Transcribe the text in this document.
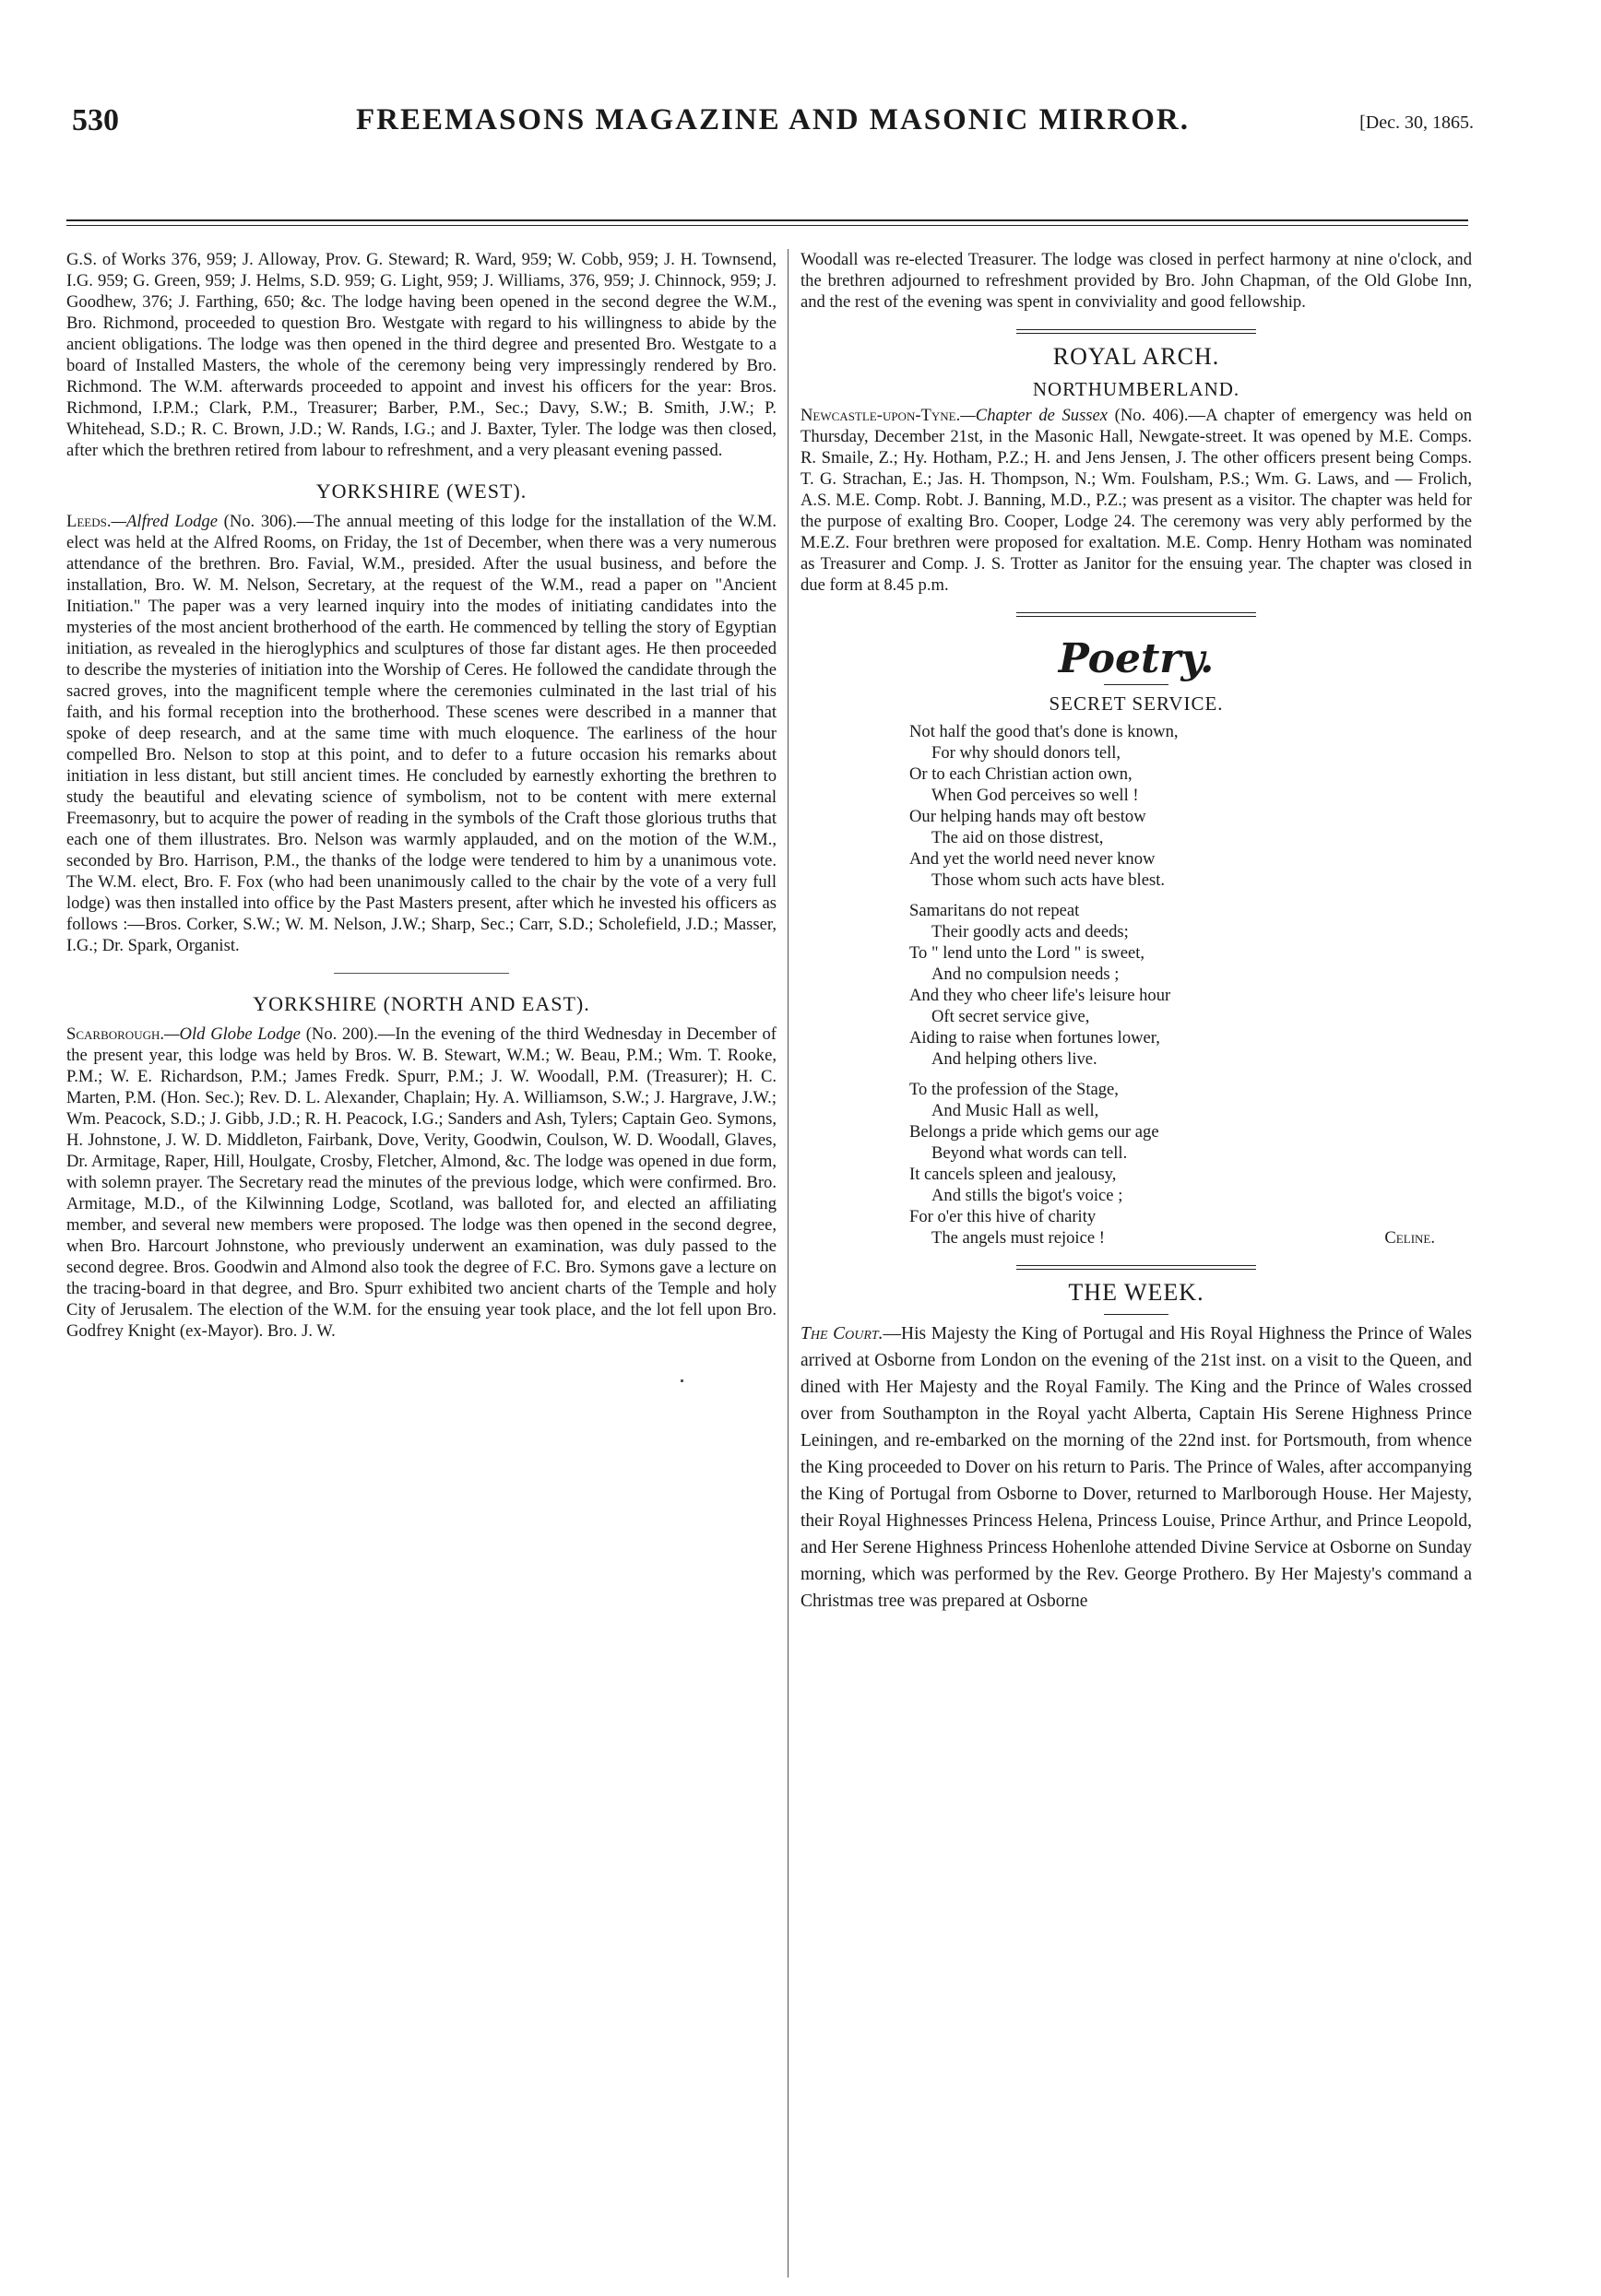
530	FREEMASONS MAGAZINE AND MASONIC MIRROR.	[Dec. 30, 1865.

G.S. of Works 376, 959; J. Alloway, Prov. G. Steward; R. Ward, 959; W. Cobb, 959; J. H. Townsend, I.G. 959; G. Green, 959; J. Helms, S.D. 959; G. Light, 959; J. Williams, 376, 959; J. Chinnock, 959; J. Goodhew, 376; J. Farthing, 650; &c. The lodge having been opened in the second degree the W.M., Bro. Richmond, proceeded to question Bro. Westgate with regard to his willingness to abide by the ancient obligations. The lodge was then opened in the third degree and presented Bro. Westgate to a board of Installed Masters, the whole of the ceremony being very impressingly rendered by Bro. Richmond. The W.M. afterwards proceeded to appoint and invest his officers for the year: Bros. Richmond, I.P.M.; Clark, P.M., Treasurer; Barber, P.M., Sec.; Davy, S.W.; B. Smith, J.W.; P. Whitehead, S.D.; R. C. Brown, J.D.; W. Rands, I.G.; and J. Baxter, Tyler. The lodge was then closed, after which the brethren retired from labour to refreshment, and a very pleasant evening passed.

YORKSHIRE (WEST).

Leeds.—Alfred Lodge (No. 306).—The annual meeting of this lodge for the installation of the W.M. elect was held at the Alfred Rooms, on Friday, the 1st of December, when there was a very numerous attendance of the brethren. Bro. Favial, W.M., presided. After the usual business, and before the installation, Bro. W. M. Nelson, Secretary, at the request of the W.M., read a paper on "Ancient Initiation." The paper was a very learned inquiry into the modes of initiating candidates into the mysteries of the most ancient brotherhood of the earth. He commenced by telling the story of Egyptian initiation, as revealed in the hieroglyphics and sculptures of those far distant ages. He then proceeded to describe the mysteries of initiation into the Worship of Ceres. He followed the candidate through the sacred groves, into the magnificent temple where the ceremonies culminated in the last trial of his faith, and his formal reception into the brotherhood. These scenes were described in a manner that spoke of deep research, and at the same time with much eloquence. The earliness of the hour compelled Bro. Nelson to stop at this point, and to defer to a future occasion his remarks about initiation in less distant, but still ancient times. He concluded by earnestly exhorting the brethren to study the beautiful and elevating science of symbolism, not to be content with mere external Freemasonry, but to acquire the power of reading in the symbols of the Craft those glorious truths that each one of them illustrates. Bro. Nelson was warmly applauded, and on the motion of the W.M., seconded by Bro. Harrison, P.M., the thanks of the lodge were tendered to him by a unanimous vote. The W.M. elect, Bro. F. Fox (who had been unanimously called to the chair by the vote of a very full lodge) was then installed into office by the Past Masters present, after which he invested his officers as follows :—Bros. Corker, S.W.; W. M. Nelson, J.W.; Sharp, Sec.; Carr, S.D.; Scholefield, J.D.; Masser, I.G.; Dr. Spark, Organist.

YORKSHIRE (NORTH AND EAST).

Scarborough.—Old Globe Lodge (No. 200).—In the evening of the third Wednesday in December of the present year, this lodge was held by Bros. W. B. Stewart, W.M.; W. Beau, P.M.; Wm. T. Rooke, P.M.; W. E. Richardson, P.M.; James Fredk. Spurr, P.M.; J. W. Woodall, P.M. (Treasurer); H. C. Marten, P.M. (Hon. Sec.); Rev. D. L. Alexander, Chaplain; Hy. A. Williamson, S.W.; J. Hargrave, J.W.; Wm. Peacock, S.D.; J. Gibb, J.D.; R. H. Peacock, I.G.; Sanders and Ash, Tylers; Captain Geo. Symons, H. Johnstone, J. W. D. Middleton, Fairbank, Dove, Verity, Goodwin, Coulson, W. D. Woodall, Glaves, Dr. Armitage, Raper, Hill, Houlgate, Crosby, Fletcher, Almond, &c. The lodge was opened in due form, with solemn prayer. The Secretary read the minutes of the previous lodge, which were confirmed. Bro. Armitage, M.D., of the Kilwinning Lodge, Scotland, was balloted for, and elected an affiliating member, and several new members were proposed. The lodge was then opened in the second degree, when Bro. Harcourt Johnstone, who previously underwent an examination, was duly passed to the second degree. Bros. Goodwin and Almond also took the degree of F.C. Bro. Symons gave a lecture on the tracing-board in that degree, and Bro. Spurr exhibited two ancient charts of the Temple and holy City of Jerusalem. The election of the W.M. for the ensuing year took place, and the lot fell upon Bro. Godfrey Knight (ex-Mayor). Bro. J. W.

Woodall was re-elected Treasurer. The lodge was closed in perfect harmony at nine o'clock, and the brethren adjourned to refreshment provided by Bro. John Chapman, of the Old Globe Inn, and the rest of the evening was spent in conviviality and good fellowship.

ROYAL ARCH.
NORTHUMBERLAND.

Newcastle-upon-Tyne.—Chapter de Sussex (No. 406).—A chapter of emergency was held on Thursday, December 21st, in the Masonic Hall, Newgate-street. It was opened by M.E. Comps. R. Smaile, Z.; Hy. Hotham, P.Z.; H. and Jens Jensen, J. The other officers present being Comps. T. G. Strachan, E.; Jas. H. Thompson, N.; Wm. Foulsham, P.S.; Wm. G. Laws, and — Frolich, A.S. M.E. Comp. Robt. J. Banning, M.D., P.Z.; was present as a visitor. The chapter was held for the purpose of exalting Bro. Cooper, Lodge 24. The ceremony was very ably performed by the M.E.Z. Four brethren were proposed for exaltation. M.E. Comp. Henry Hotham was nominated as Treasurer and Comp. J. S. Trotter as Janitor for the ensuing year. The chapter was closed in due form at 8.45 p.m.

Poetry.
SECRET SERVICE.
Not half the good that's done is known,
For why should donors tell,
Or to each Christian action own,
When God perceives so well !
Our helping hands may oft bestow
The aid on those distrest,
And yet the world need never know
Those whom such acts have blest.
Samaritans do not repeat
Their goodly acts and deeds;
To " lend unto the Lord " is sweet,
And no compulsion needs ;
And they who cheer life's leisure hour
Oft secret service give,
Aiding to raise when fortunes lower,
And helping others live.
To the profession of the Stage,
And Music Hall as well,
Belongs a pride which gems our age
Beyond what words can tell.
It cancels spleen and jealousy,
And stills the bigot's voice ;
For o'er this hive of charity
The angels must rejoice !	Celine.
THE WEEK.

The Court.—His Majesty the King of Portugal and His Royal Highness the Prince of Wales arrived at Osborne from London on the evening of the 21st inst. on a visit to the Queen, and dined with Her Majesty and the Royal Family. The King and the Prince of Wales crossed over from Southampton in the Royal yacht Alberta, Captain His Serene Highness Prince Leiningen, and re-embarked on the morning of the 22nd inst. for Portsmouth, from whence the King proceeded to Dover on his return to Paris. The Prince of Wales, after accompanying the King of Portugal from Osborne to Dover, returned to Marlborough House. Her Majesty, their Royal Highnesses Princess Helena, Princess Louise, Prince Arthur, and Prince Leopold, and Her Serene Highness Princess Hohenlohe attended Divine Service at Osborne on Sunday morning, which was performed by the Rev. George Prothero. By Her Majesty's command a Christmas tree was prepared at Osborne
